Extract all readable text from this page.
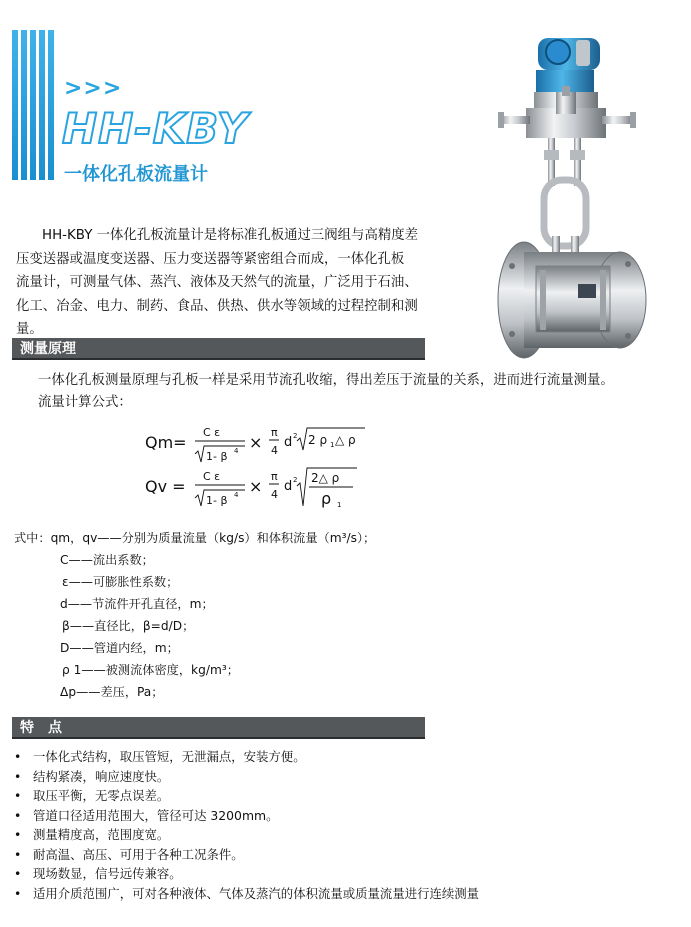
>>>
HH-KBY
一体化孔板流量计
HH-KBY 一体化孔板流量计是将标准孔板通过三阀组与高精度差
压变送器或温度变送器、压力变送器等紧密组合而成，一体化孔板
流量计，可测量气体、蒸汽、液体及天然气的流量，广泛用于石油、
化工、冶金、电力、制药、食品、供热、供水等领域的过程控制和测量。
测量原理
一体化孔板测量原理与孔板一样是采用节流孔收缩，得出差压于流量的关系，进而进行流量测量。
流量计算公式：
Qm=
C ε
1- β 4 ×
π
4
d 2 2 ρ 1 △ ρ
Qv =
C ε
1- β 4 ×
π
4
d 2 2△ ρ
ρ 1
式中：qm，qv——分别为质量流量（kg/s）和体积流量（m³/s）；
C——流出系数；
ε——可膨胀性系数；
d——节流件开孔直径，m；
β——直径比，β=d/D；
D——管道内经，m；
ρ 1——被测流体密度，kg/m³；
Δp——差压，Pa；
特　点
• 一体化式结构，取压管短，无泄漏点，安装方便。
• 结构紧凑，响应速度快。
• 取压平衡，无零点误差。
• 管道口径适用范围大，管径可达 3200mm。
• 测量精度高，范围度宽。
• 耐高温、高压、可用于各种工况条件。
• 现场数显，信号远传兼容。
• 适用介质范围广，可对各种液体、气体及蒸汽的体积流量或质量流量进行连续测量
